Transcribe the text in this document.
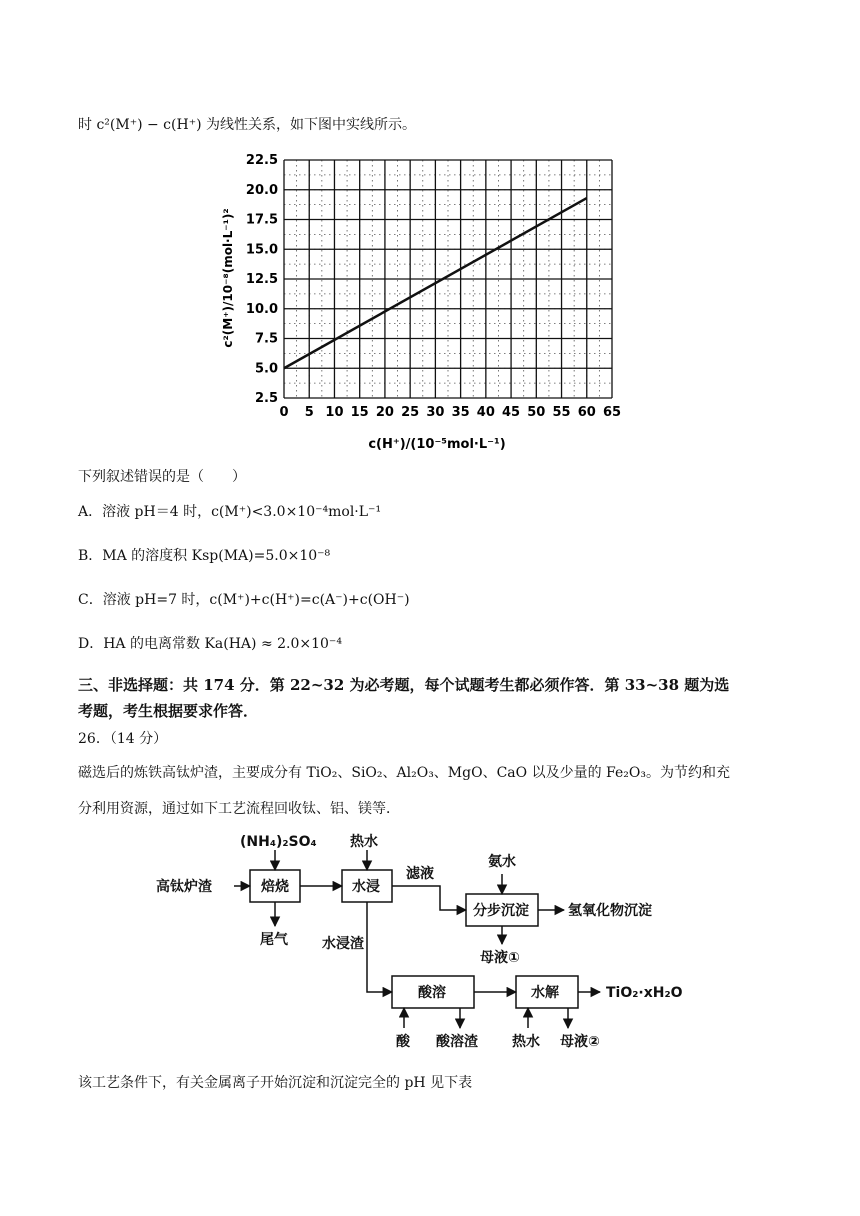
时 c²(M⁺) − c(H⁺) 为线性关系，如下图中实线所示。
0 5 10 15 20 25 30 35 40 45 50 55 60 65
2.5
5.0
7.5
10.0
12.5
15.0
17.5
20.0
22.5
c(H⁺)/(10⁻⁵mol·L⁻¹)
c²(M⁺)/10⁻⁸(mol·L⁻¹)²
下列叙述错误的是（　　）
A．溶液 pH＝4 时，c(M⁺)<3.0×10⁻⁴mol·L⁻¹
B．MA 的溶度积 Ksp(MA)=5.0×10⁻⁸
C．溶液 pH=7 时，c(M⁺)+c(H⁺)=c(A⁻)+c(OH⁻)
D．HA 的电离常数 Ka(HA) ≈ 2.0×10⁻⁴
三、非选择题：共 174 分．第 22~32 为必考题，每个试题考生都必须作答．第 33~38 题为选
考题，考生根据要求作答．
26．（14 分）
磁选后的炼铁高钛炉渣，主要成分有 TiO₂、SiO₂、Al₂O₃、MgO、CaO 以及少量的 Fe₂O₃。为节约和充
分利用资源，通过如下工艺流程回收钛、铝、镁等．
高钛炉渣
(NH₄)₂SO₄ 热水
氨水
焙烧	水浸
分步沉淀
酸溶	水解
滤液
氢氧化物沉淀
尾气 水浸渣
母液①
酸 酸溶渣 热水 母液②
TiO₂·xH₂O
该工艺条件下，有关金属离子开始沉淀和沉淀完全的 pH 见下表
